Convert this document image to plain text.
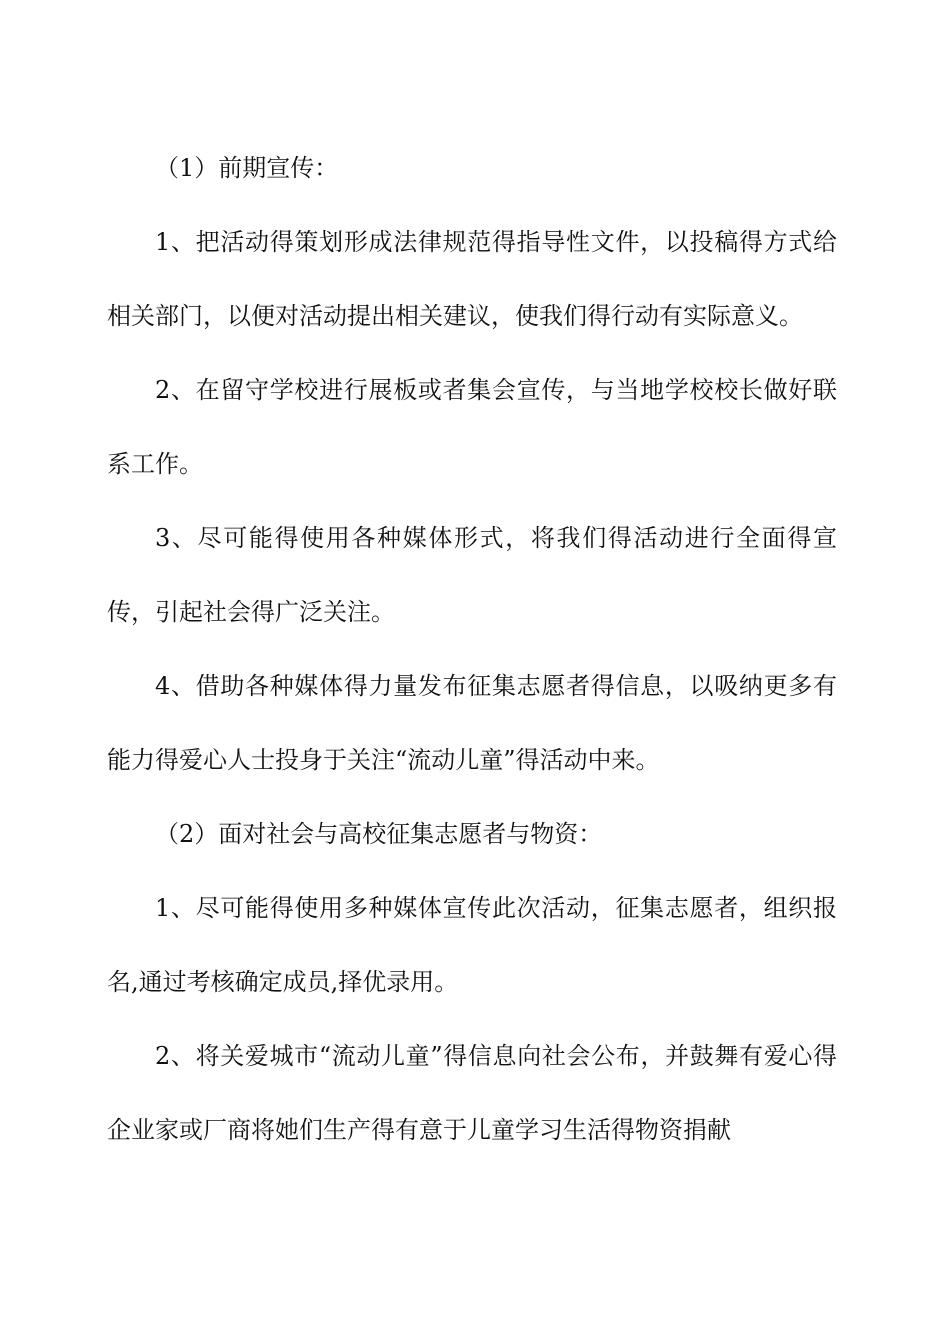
（1）前期宣传：

1、把活动得策划形成法律规范得指导性文件，以投稿得方式给相关部门，以便对活动提出相关建议，使我们得行动有实际意义。

2、在留守学校进行展板或者集会宣传，与当地学校校长做好联系工作。

3、尽可能得使用各种媒体形式，将我们得活动进行全面得宣传，引起社会得广泛关注。

4、借助各种媒体得力量发布征集志愿者得信息，以吸纳更多有能力得爱心人士投身于关注“流动儿童”得活动中来。

（2）面对社会与高校征集志愿者与物资：

1、尽可能得使用多种媒体宣传此次活动，征集志愿者，组织报名,通过考核确定成员,择优录用。

2、将关爱城市“流动儿童”得信息向社会公布，并鼓舞有爱心得企业家或厂商将她们生产得有意于儿童学习生活得物资捐献
